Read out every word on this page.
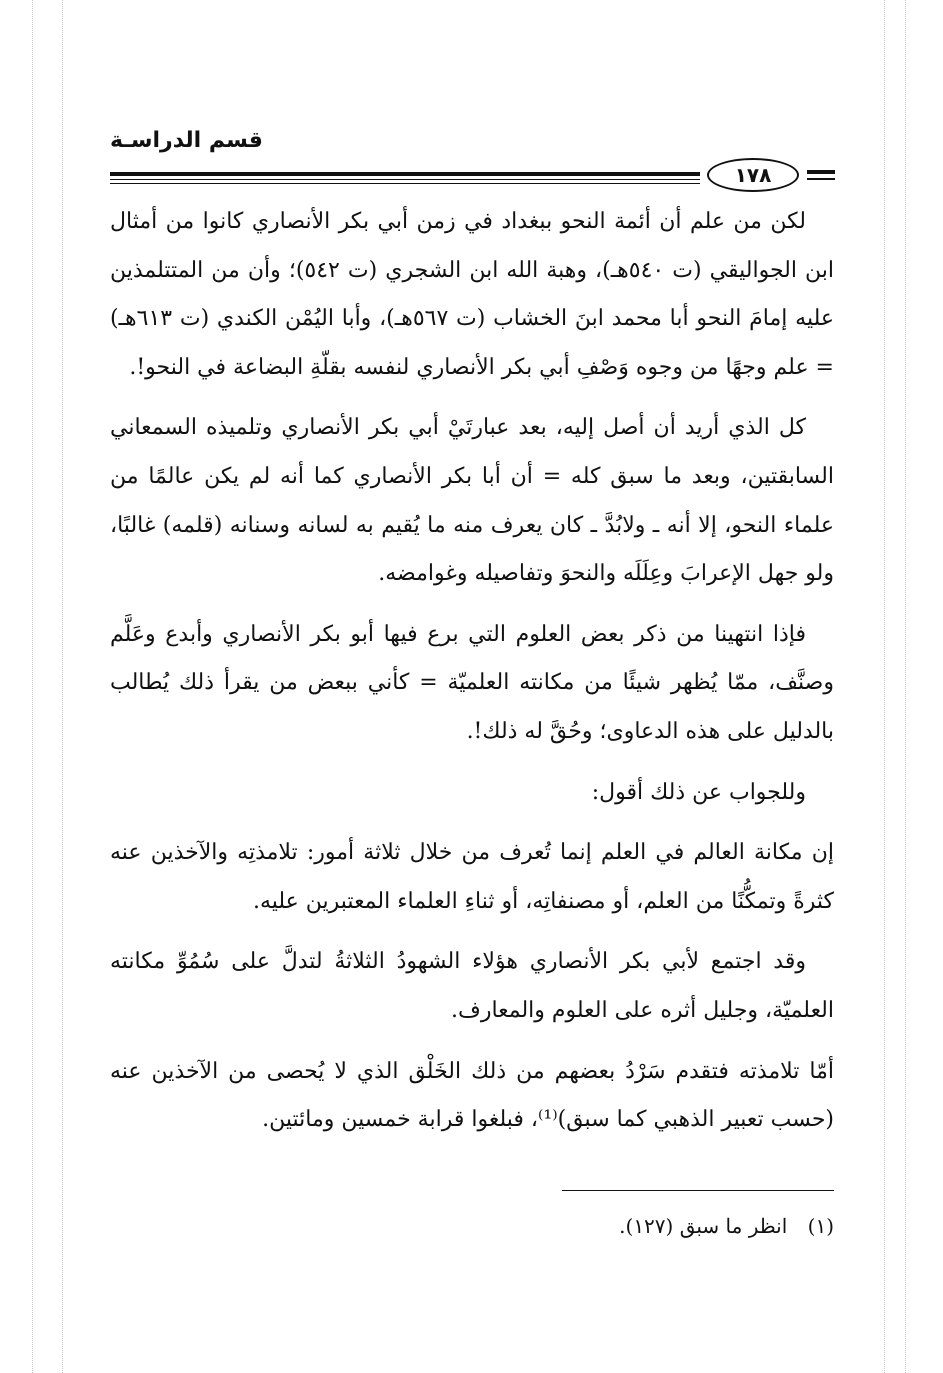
قسم الدراسـة
١٧٨

لكن من علم أن أئمة النحو ببغداد في زمن أبي بكر الأنصاري كانوا من أمثال ابن الجواليقي (ت ٥٤٠هـ)، وهبة الله ابن الشجري (ت ٥٤٢)؛ وأن من المتتلمذين عليه إمامَ النحو أبا محمد ابنَ الخشاب (ت ٥٦٧هـ)، وأبا اليُمْن الكندي (ت ٦١٣هـ) = علم وجهًا من وجوه وَصْفِ أبي بكر الأنصاري لنفسه بقلّةِ البضاعة في النحو!.

كل الذي أريد أن أصل إليه، بعد عبارتَيْ أبي بكر الأنصاري وتلميذه السمعاني السابقتين، وبعد ما سبق كله = أن أبا بكر الأنصاري كما أنه لم يكن عالمًا من علماء النحو، إلا أنه ـ ولابُدَّ ـ كان يعرف منه ما يُقيم به لسانه وسنانه (قلمه) غالبًا، ولو جهل الإعرابَ وعِلَلَه والنحوَ وتفاصيله وغوامضه.

فإذا انتهينا من ذكر بعض العلوم التي برع فيها أبو بكر الأنصاري وأبدع وعَلَّم وصنَّف، ممّا يُظهر شيئًا من مكانته العلميّة = كأني ببعض من يقرأ ذلك يُطالب بالدليل على هذه الدعاوى؛ وحُقَّ له ذلك!.

وللجواب عن ذلك أقول:

إن مكانة العالم في العلم إنما تُعرف من خلال ثلاثة أمور: تلامذتِه والآخذين عنه كثرةً وتمكُّنًا من العلم، أو مصنفاتِه، أو ثناءِ العلماء المعتبرين عليه.

وقد اجتمع لأبي بكر الأنصاري هؤلاء الشهودُ الثلاثةُ لتدلَّ على سُمُوِّ مكانته العلميّة، وجليل أثره على العلوم والمعارف.

أمّا تلامذته فتقدم سَرْدُ بعضهم من ذلك الخَلْق الذي لا يُحصى من الآخذين عنه (حسب تعبير الذهبي كما سبق)⁽¹⁾، فبلغوا قرابة خمسين ومائتين.

(١) انظر ما سبق (١٢٧).
